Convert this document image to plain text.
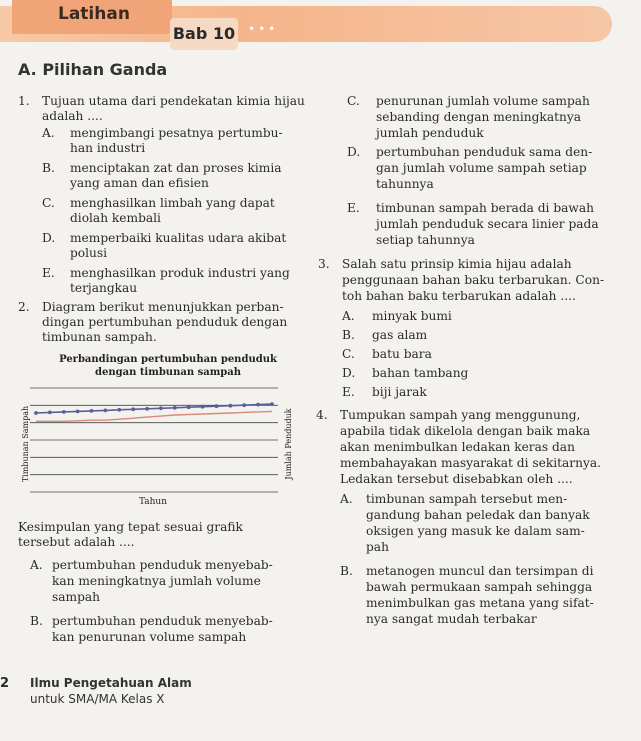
Latihan
Bab 10 •••
A. Pilihan Ganda
1. Tujuan utama dari pendekatan kimia hijau
adalah ....
A. mengimbangi pesatnya pertumbu-
han industri
B. menciptakan zat dan proses kimia
yang aman dan efisien
C. menghasilkan limbah yang dapat
diolah kembali
D. memperbaiki kualitas udara akibat
polusi
E. menghasilkan produk industri yang
terjangkau
2. Diagram berikut menunjukkan perban-
dingan pertumbuhan penduduk dengan
timbunan sampah.
Perbandingan pertumbuhan penduduk
dengan timbunan sampah
Timbunan Sampah	Jumlah Penduduk
Tahun
Kesimpulan yang tepat sesuai grafik
tersebut adalah ....
A. pertumbuhan penduduk menyebab-
kan meningkatnya jumlah volume
sampah
B. pertumbuhan penduduk menyebab-
kan penurunan volume sampah
C. penurunan jumlah volume sampah
sebanding dengan meningkatnya
jumlah penduduk
D. pertumbuhan penduduk sama den-
gan jumlah volume sampah setiap
tahunnya
E. timbunan sampah berada di bawah
jumlah penduduk secara linier pada
setiap tahunnya
3. Salah satu prinsip kimia hijau adalah
penggunaan bahan baku terbarukan. Con-
toh bahan baku terbarukan adalah ....
A. minyak bumi
B. gas alam
C. batu bara
D. bahan tambang
E. biji jarak
4. Tumpukan sampah yang menggunung,
apabila tidak dikelola dengan baik maka
akan menimbulkan ledakan keras dan
membahayakan masyarakat di sekitarnya.
Ledakan tersebut disebabkan oleh ....
A. timbunan sampah tersebut men-
gandung bahan peledak dan banyak
oksigen yang masuk ke dalam sam-
pah
B. metanogen muncul dan tersimpan di
bawah permukaan sampah sehingga
menimbulkan gas metana yang sifat-
nya sangat mudah terbakar
2 Ilmu Pengetahuan Alam
untuk SMA/MA Kelas X
